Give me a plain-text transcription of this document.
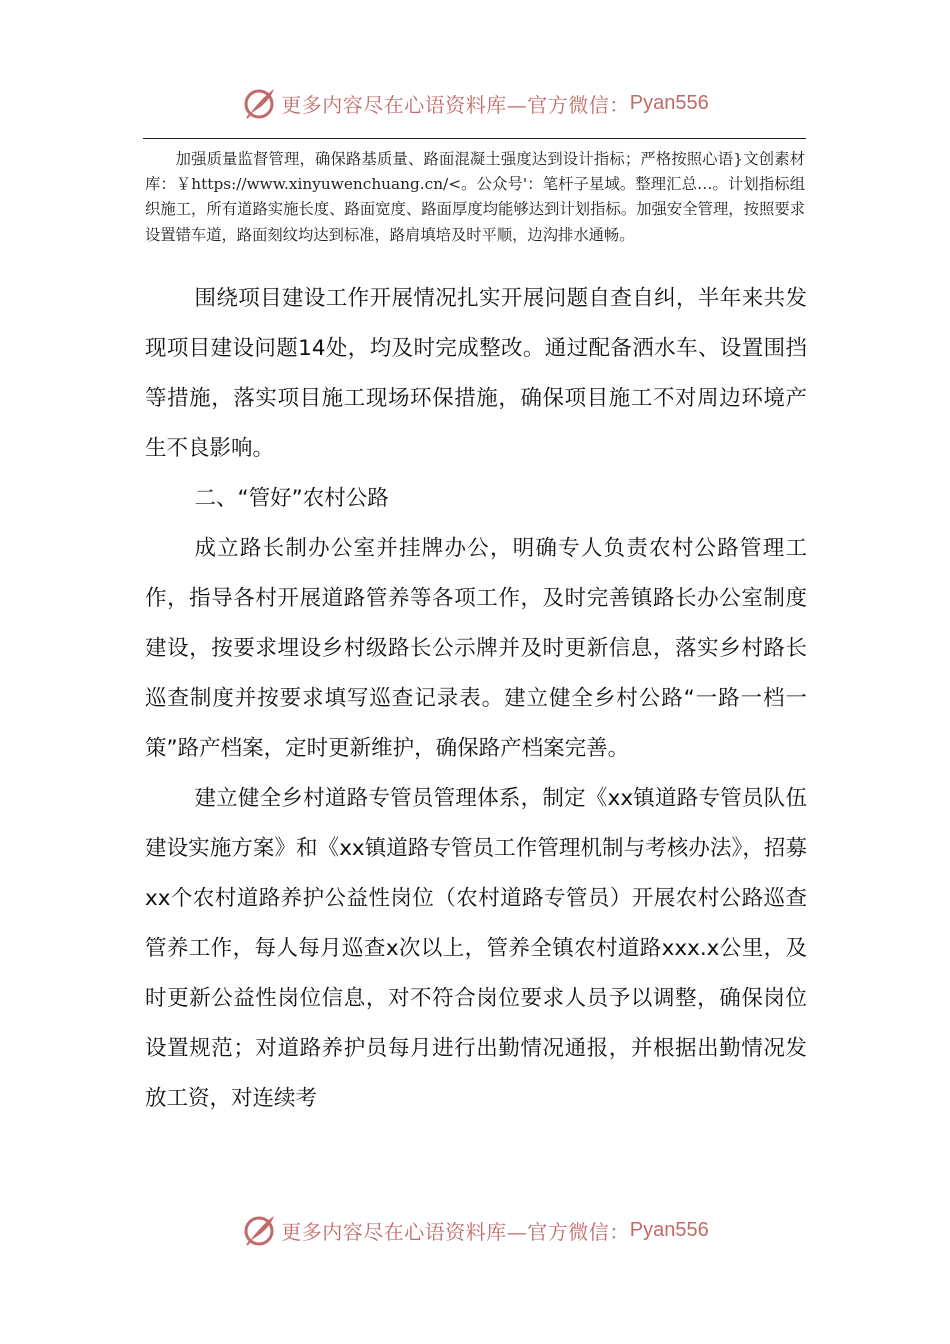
更多内容尽在心语资料库—官方微信： Pyan556

加强质量监督管理，确保路基质量、路面混凝土强度达到设计指标；严格按照心语}文创素材库：￥https://www.xinyuwenchuang.cn/<。公众号'：笔杆子星域。整理汇总…。计划指标组织施工，所有道路实施长度、路面宽度、路面厚度均能够达到计划指标。加强安全管理，按照要求设置错车道，路面刻纹均达到标准，路肩填培及时平顺，边沟排水通畅。

围绕项目建设工作开展情况扎实开展问题自查自纠，半年来共发现项目建设问题14处，均及时完成整改。通过配备洒水车、设置围挡等措施，落实项目施工现场环保措施，确保项目施工不对周边环境产生不良影响。

二、“管好”农村公路

成立路长制办公室并挂牌办公，明确专人负责农村公路管理工作，指导各村开展道路管养等各项工作，及时完善镇路长办公室制度建设，按要求埋设乡村级路长公示牌并及时更新信息，落实乡村路长巡查制度并按要求填写巡查记录表。建立健全乡村公路“一路一档一策”路产档案，定时更新维护，确保路产档案完善。

建立健全乡村道路专管员管理体系，制定《xx镇道路专管员队伍建设实施方案》和《xx镇道路专管员工作管理机制与考核办法》，招募xx个农村道路养护公益性岗位（农村道路专管员）开展农村公路巡查管养工作，每人每月巡查x次以上，管养全镇农村道路xxx.x公里，及时更新公益性岗位信息，对不符合岗位要求人员予以调整，确保岗位设置规范；对道路养护员每月进行出勤情况通报，并根据出勤情况发放工资，对连续考

更多内容尽在心语资料库—官方微信： Pyan556
